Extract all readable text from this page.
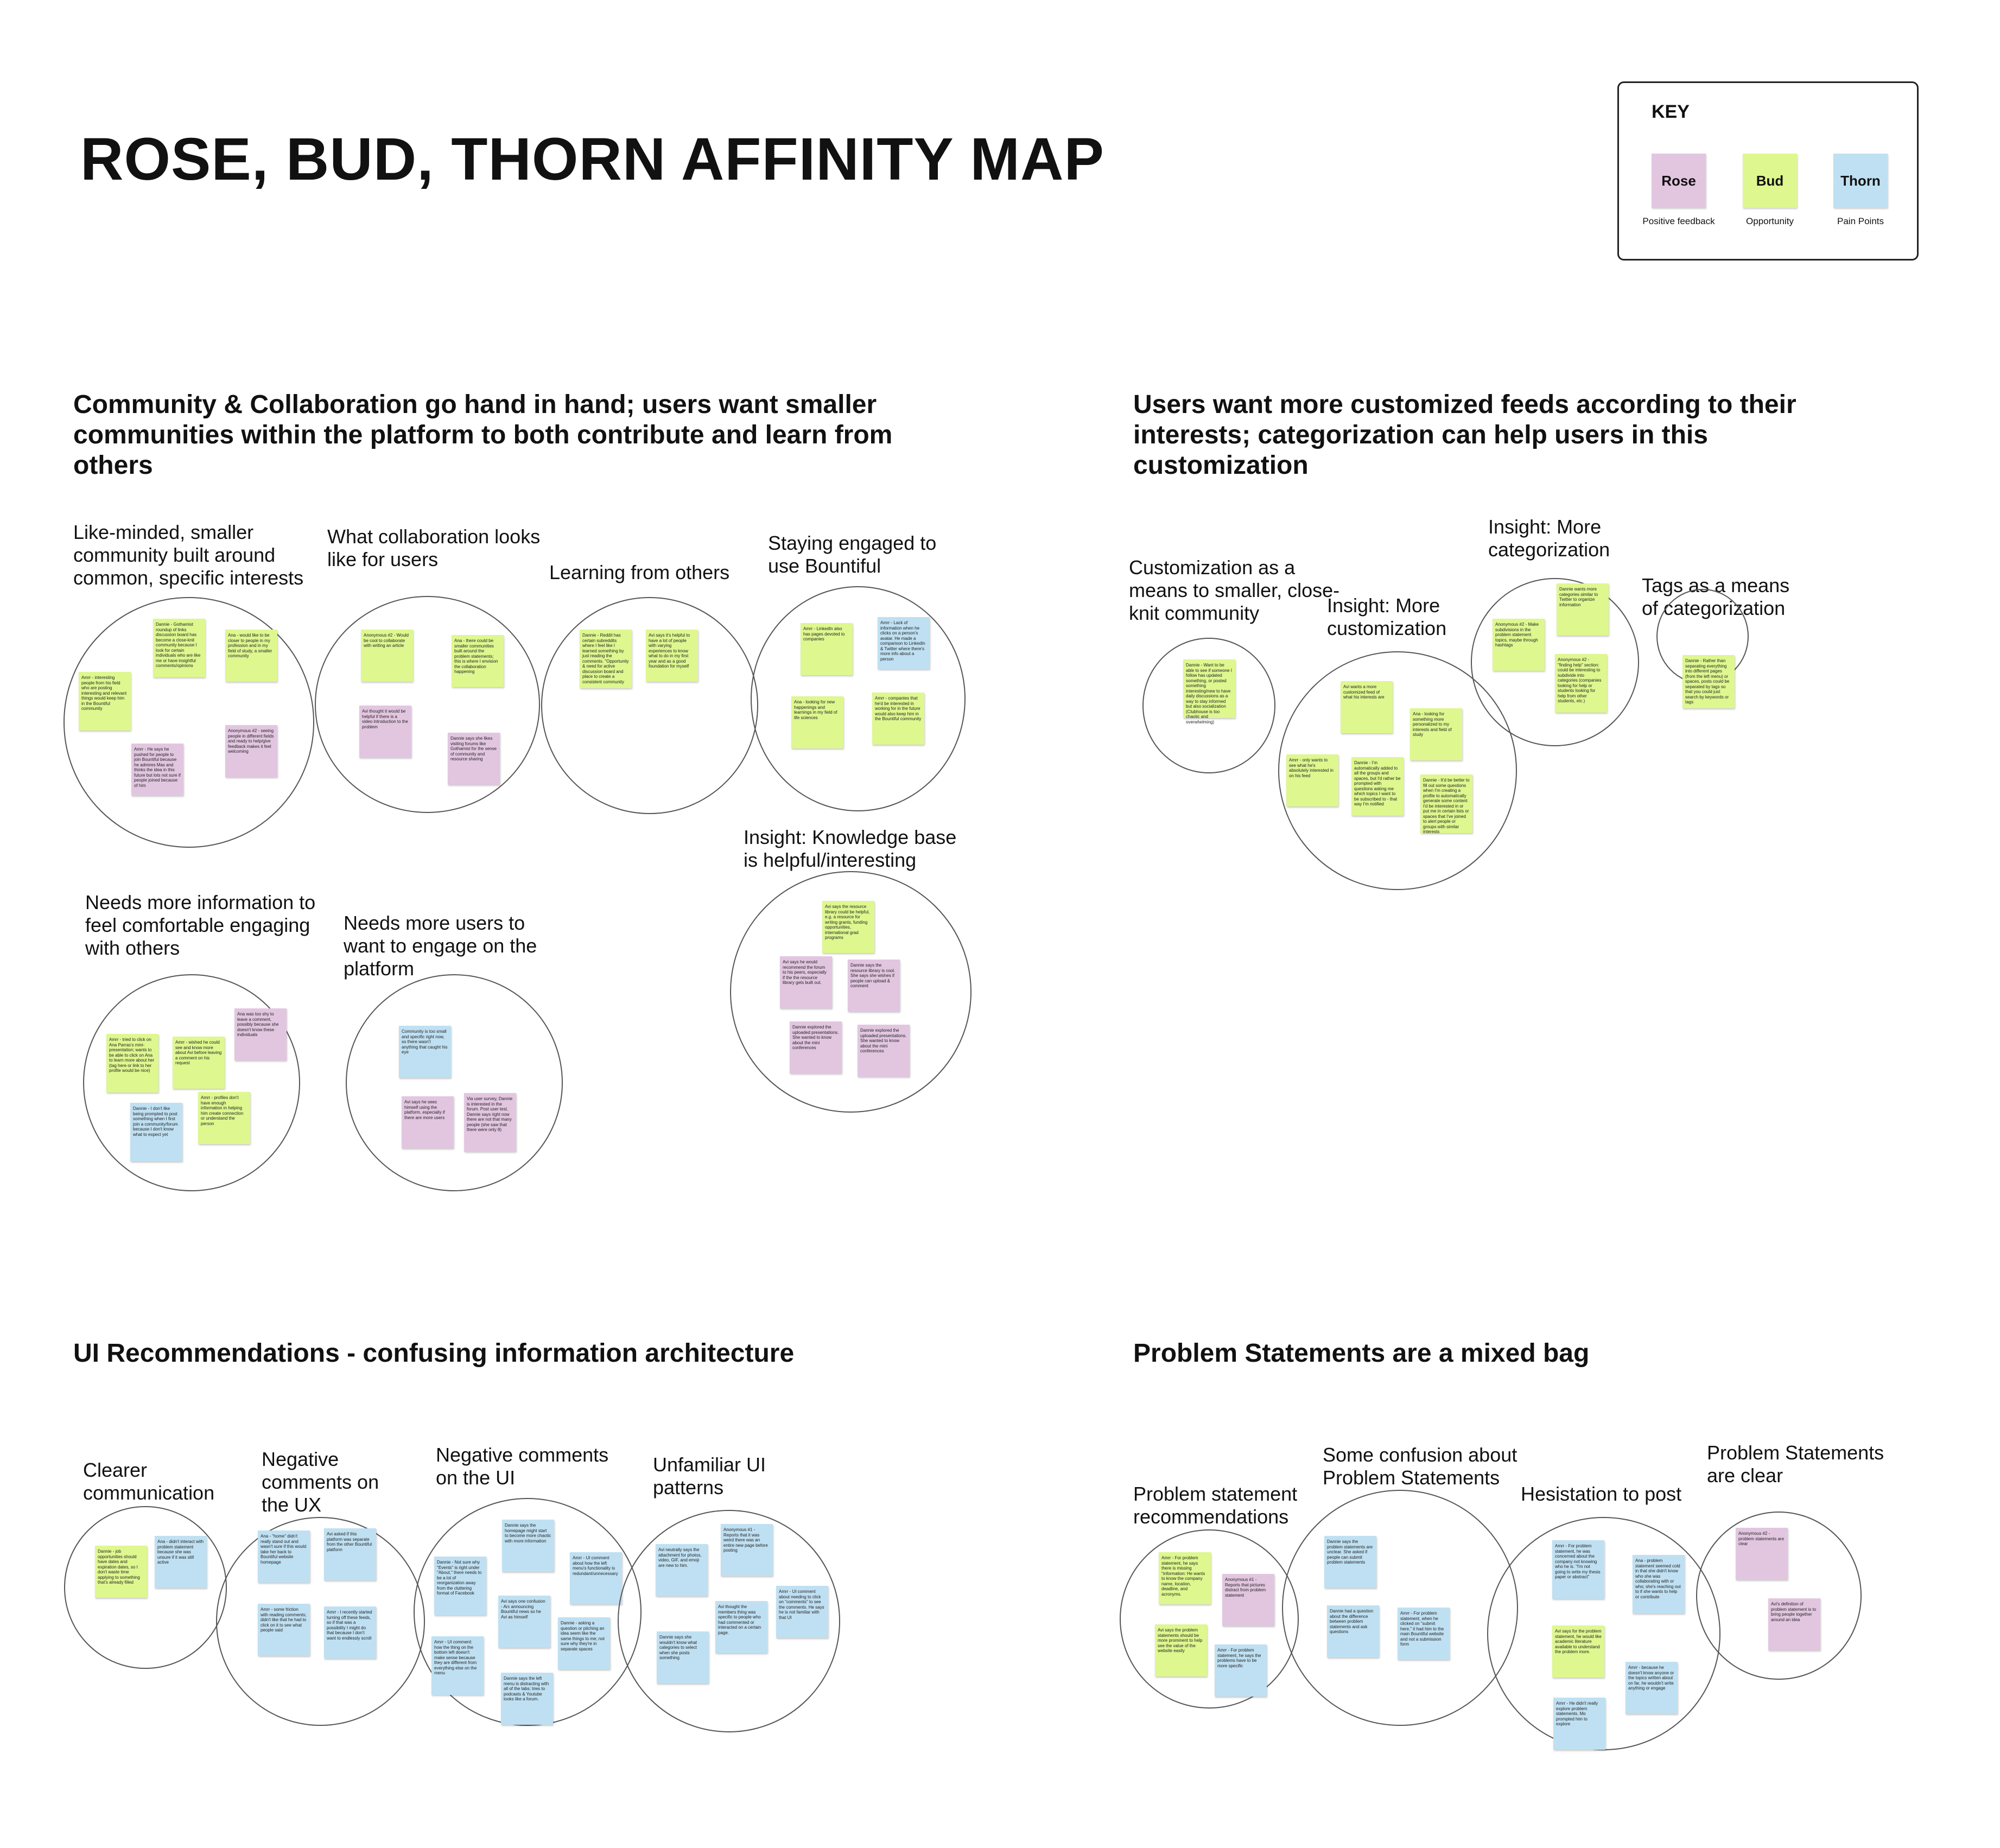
ROSE, BUD, THORN AFFINITY MAP
KEY
Rose
Positive feedback
Bud
Opportunity
Thorn
Pain Points
Community & Collaboration go hand in hand; users want smaller communities within the platform to both contribute and learn from others
Users want more customized feeds according to their interests; categorization can help users in this customization
UI Recommendations - confusing information architecture	Problem Statements are a mixed bag
Like-minded, smaller community built around common, specific interests
Amrr - interesting people from his field who are posting interesting and relevant things would keep him in the Bountiful community
Dannie - Gothamist roundup of links discussion board has become a close-knit community because I look for certain individuals who are like me or have insightful comments/opinions
Ana - would like to be closer to people in my profession and in my field of study, a smaller community
Amrr - He says he pushed for people to join Bountiful because he admires Max and thinks the idea in this future but lots not sure if people joined because of him
Anonymous #2 - seeing people in different fields and ready to help/give feedback makes it feel welcoming
What collaboration looks like for users
Anonymous #2 - Would be cool to collaborate with writing an article
Ana - there could be smaller communities built around the problem statements; this is where I envision the collaboration happening
Avi thought it would be helpful if there is a video introduction to the problem
Dannie says she likes visiting forums like Gothamist for the sense of community and resource sharing
Learning from others
Dannie - Reddit has certain subreddits where I feel like I learned something by just reading the comments. "Opportunity & need for active discussion board and place to create a consistent community
Avi says it's helpful to have a lot of people with varying experiences to know what to do in my first year and as a good foundation for myself
Staying engaged to use Bountiful
Amrr - LinkedIn also has pages devoted to companies
Amrr - Lack of information when he clicks on a person's avatar. He made a comparison to LinkedIn & Twitter where there's more info about a person
Ana - looking for new happenings and learnings in my field of life sciences
Amrr - companies that he'd be interested in working for in the future would also keep him in the Bountiful community
Insight: Knowledge base is helpful/interesting
Avi says the resource library could be helpful, e.g. a resource for writing grants, funding opportunities, international grad programs
Avi says he would recommend the forum to his peers, especially if the the resource library gets built out.
Dannie says the resource library is cool. She says she wishes if people can upload & comment
Dannie explored the uploaded presentations. She wanted to know about the mini conferences
Dannie explored the uploaded presentations. She wanted to know about the mini conferences
Needs more information to feel comfortable engaging with others
Ana was too shy to leave a comment, possibly because she doesn't know these individuals
Amrr - tried to click on Ana Parras's mini-presentation; wants to be able to click on Ana to learn more about her (tag here or link to her profile would be nice)
Amrr - wished he could see and know more about Avi before leaving a comment on his request
Amrr - profiles don't have enough information in helping him create connection or understand the person
Dannie - I don't like being prompted to post something when I first join a community/forum because I don't know what to expect yet
Needs more users to want to engage on the platform
Community is too small and specific right now, so there wasn't anything that caught his eye
Avi says he sees himself using the platform, especially if there are more users
Via user survey, Dannie is interested in the forum. Post user test, Dannie says right now there are not that many people (she saw that there were only 8)
Customization as a means to smaller, close-knit community
Dannie - Want to be able to see if someone I follow has updated something, or posted something interesting/new to have daily discussions as a way to stay informed but also socialization (Clubhouse is too chaotic and overwhelming)
Insight: More customization
Avi wants a more customized feed of what his interests are
Ana - looking for something more personalized to my interests and field of study
Amrr - only wants to see what he's absolutely interested in on his feed
Dannie - I'm automatically added to all the groups and spaces, but I'd rather be prompted with questions asking me which topics I want to be subscribed to - that way I'm notified
Dannie - It'd be better to fill out some questions when I'm creating a profile to automatically generate some content I'd be interested in or put me in certain lists or spaces that I've joined to alert people or groups with similar interests
Insight: More categorization
Dannie wants more categories similar to Twitter to organize information
Anonymous #2 - Make subdivisions in the problem statement topics, maybe through hashtags
Anonymous #2 - "finding help" section: could be interesting to subdivide into categories (companies looking for help or students looking for help from other students, etc.)
Tags as a means of categorization
Dannie - Rather than separating everything into different pages (from the left menu) or spaces, posts could be separated by tags so that you could just search by keywords or tags
Clearer communication
Dannie - job opportunities should have dates and expiration dates, so I don't waste time applying to something that's already filled
Ana - didn't interact with problem statement because she was unsure if it was still active
Negative comments on the UX
Ana - "home" didn't really stand out and wasn't sure if this would take her back to Bountiful website homepage
Avi asked if this platform was separate from the other Bountiful platform
Amrr - some friction with reading comments; didn't like that he had to click on it to see what people said
Amrr - I recently started turning off these feeds, so if that was a possibility I might do that because I don't want to endlessly scroll
Negative comments on the UI
Dannie - Not sure why "Events" is right under "About," there needs to be a lot of reorganization away from the cluttering format of Facebook
Dannie says the homepage might start to become more chaotic with more information
Amrr - UI comment about how the left menu's functionality is redundant/unnecessary
Avi says one confusion - Arc announcing Bountiful news so he Avi as himself
Amrr - UI comment: how the thing on the bottom left doesn't make sense because they are different from everything else on the menu
Dannie - asking a question or pitching an idea seem like the same things to me; not sure why they're in separate spaces
Dannie says the left menu is distracting with all of the tabs; tries to podcasts & Youtube looks like a forum.
Unfamiliar UI patterns
Anonymous #1 - Reports that it was weird there was an entire new page before posting
Avi neutrally says the attachment for photos, video, GIF, and emoji are new to him.
Amrr - UI comment about needing to click on "comments" to see the comments. He says he is not familiar with that UI
Avi thought the members thing was specific to people who had commented or interacted on a certain page.
Dannie says she wouldn't know what categories to select when she posts something
Problem statement recommendations
Amrr - For problem statement, he says there is missing "information: He wants to know the company name, location, deadline, and acronyms.
Anonymous #1 - Reports that pictures distract from problem statement
Avi says the problem statements should be more prominent to help see the value of the website easily	Amrr - For problem statement, he says the problems have to be more specific
Some confusion about Problem Statements
Dannie says the problem statements are unclear. She asked if people can submit problem statements
Dannie had a question about the difference between problem statements and ask questions
Amrr - For problem statement, when he clicked on "submit here," it had him to the main Bountiful website and not a submission form
Hesistation to post
Amrr - For problem statement, he was concerned about the company not knowing who he is. "I'm not going to write my thesis paper or abstract"
Ana - problem statement seemed cold in that she didn't know who she was collaborating with or who; she's reaching out to if she wants to help or contribute
Avi says for the problem statement, he would like academic literature available to understand the problem more.
Amrr - because he doesn't know anyone or the topics written about on far, he wouldn't write anything or engage
Amrr - He didn't really explore problem statements. Mo prompted him to explore
Problem Statements are clear
Anonymous #2 - problem statements are clear
Avi's definition of problem statement is to bring people together around an idea
